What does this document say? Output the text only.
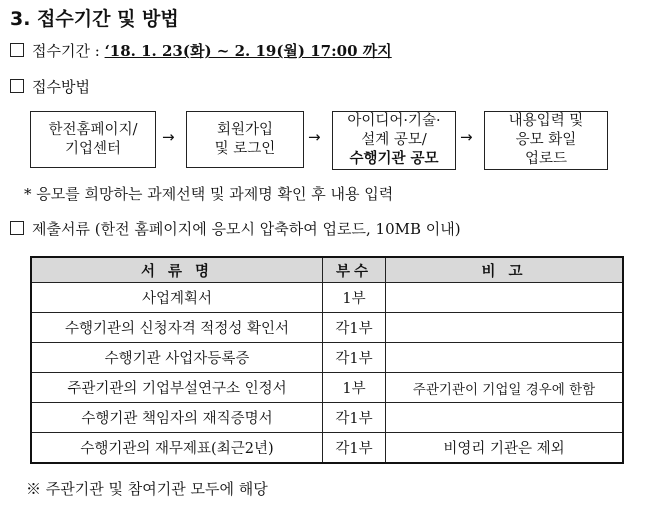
3. 접수기간 및 방법
접수기간 : ‘18. 1. 23(화) ~ 2. 19(월) 17:00 까지
접수방법
한전홈페이지/
기업센터
→	회원가입
및 로그인
→
아이디어·기술·
설계 공모/
수행기관 공모
→
내용입력 및
응모 화일
업로드
* 응모를 희망하는 과제선택 및 과제명 확인 후 내용 입력
제출서류 (한전 홈페이지에 응모시 압축하여 업로드, 10MB 이내)
서 류 명	부수	비 고
사업계획서	1부	
수행기관의 신청자격 적정성 확인서	각1부	
수행기관 사업자등록증	각1부	
주관기관의 기업부설연구소 인정서	1부	주관기관이 기업일 경우에 한함
수행기관 책임자의 재직증명서	각1부	
수행기관의 재무제표(최근2년)	각1부	비영리 기관은 제외
※ 주관기관 및 참여기관 모두에 해당
